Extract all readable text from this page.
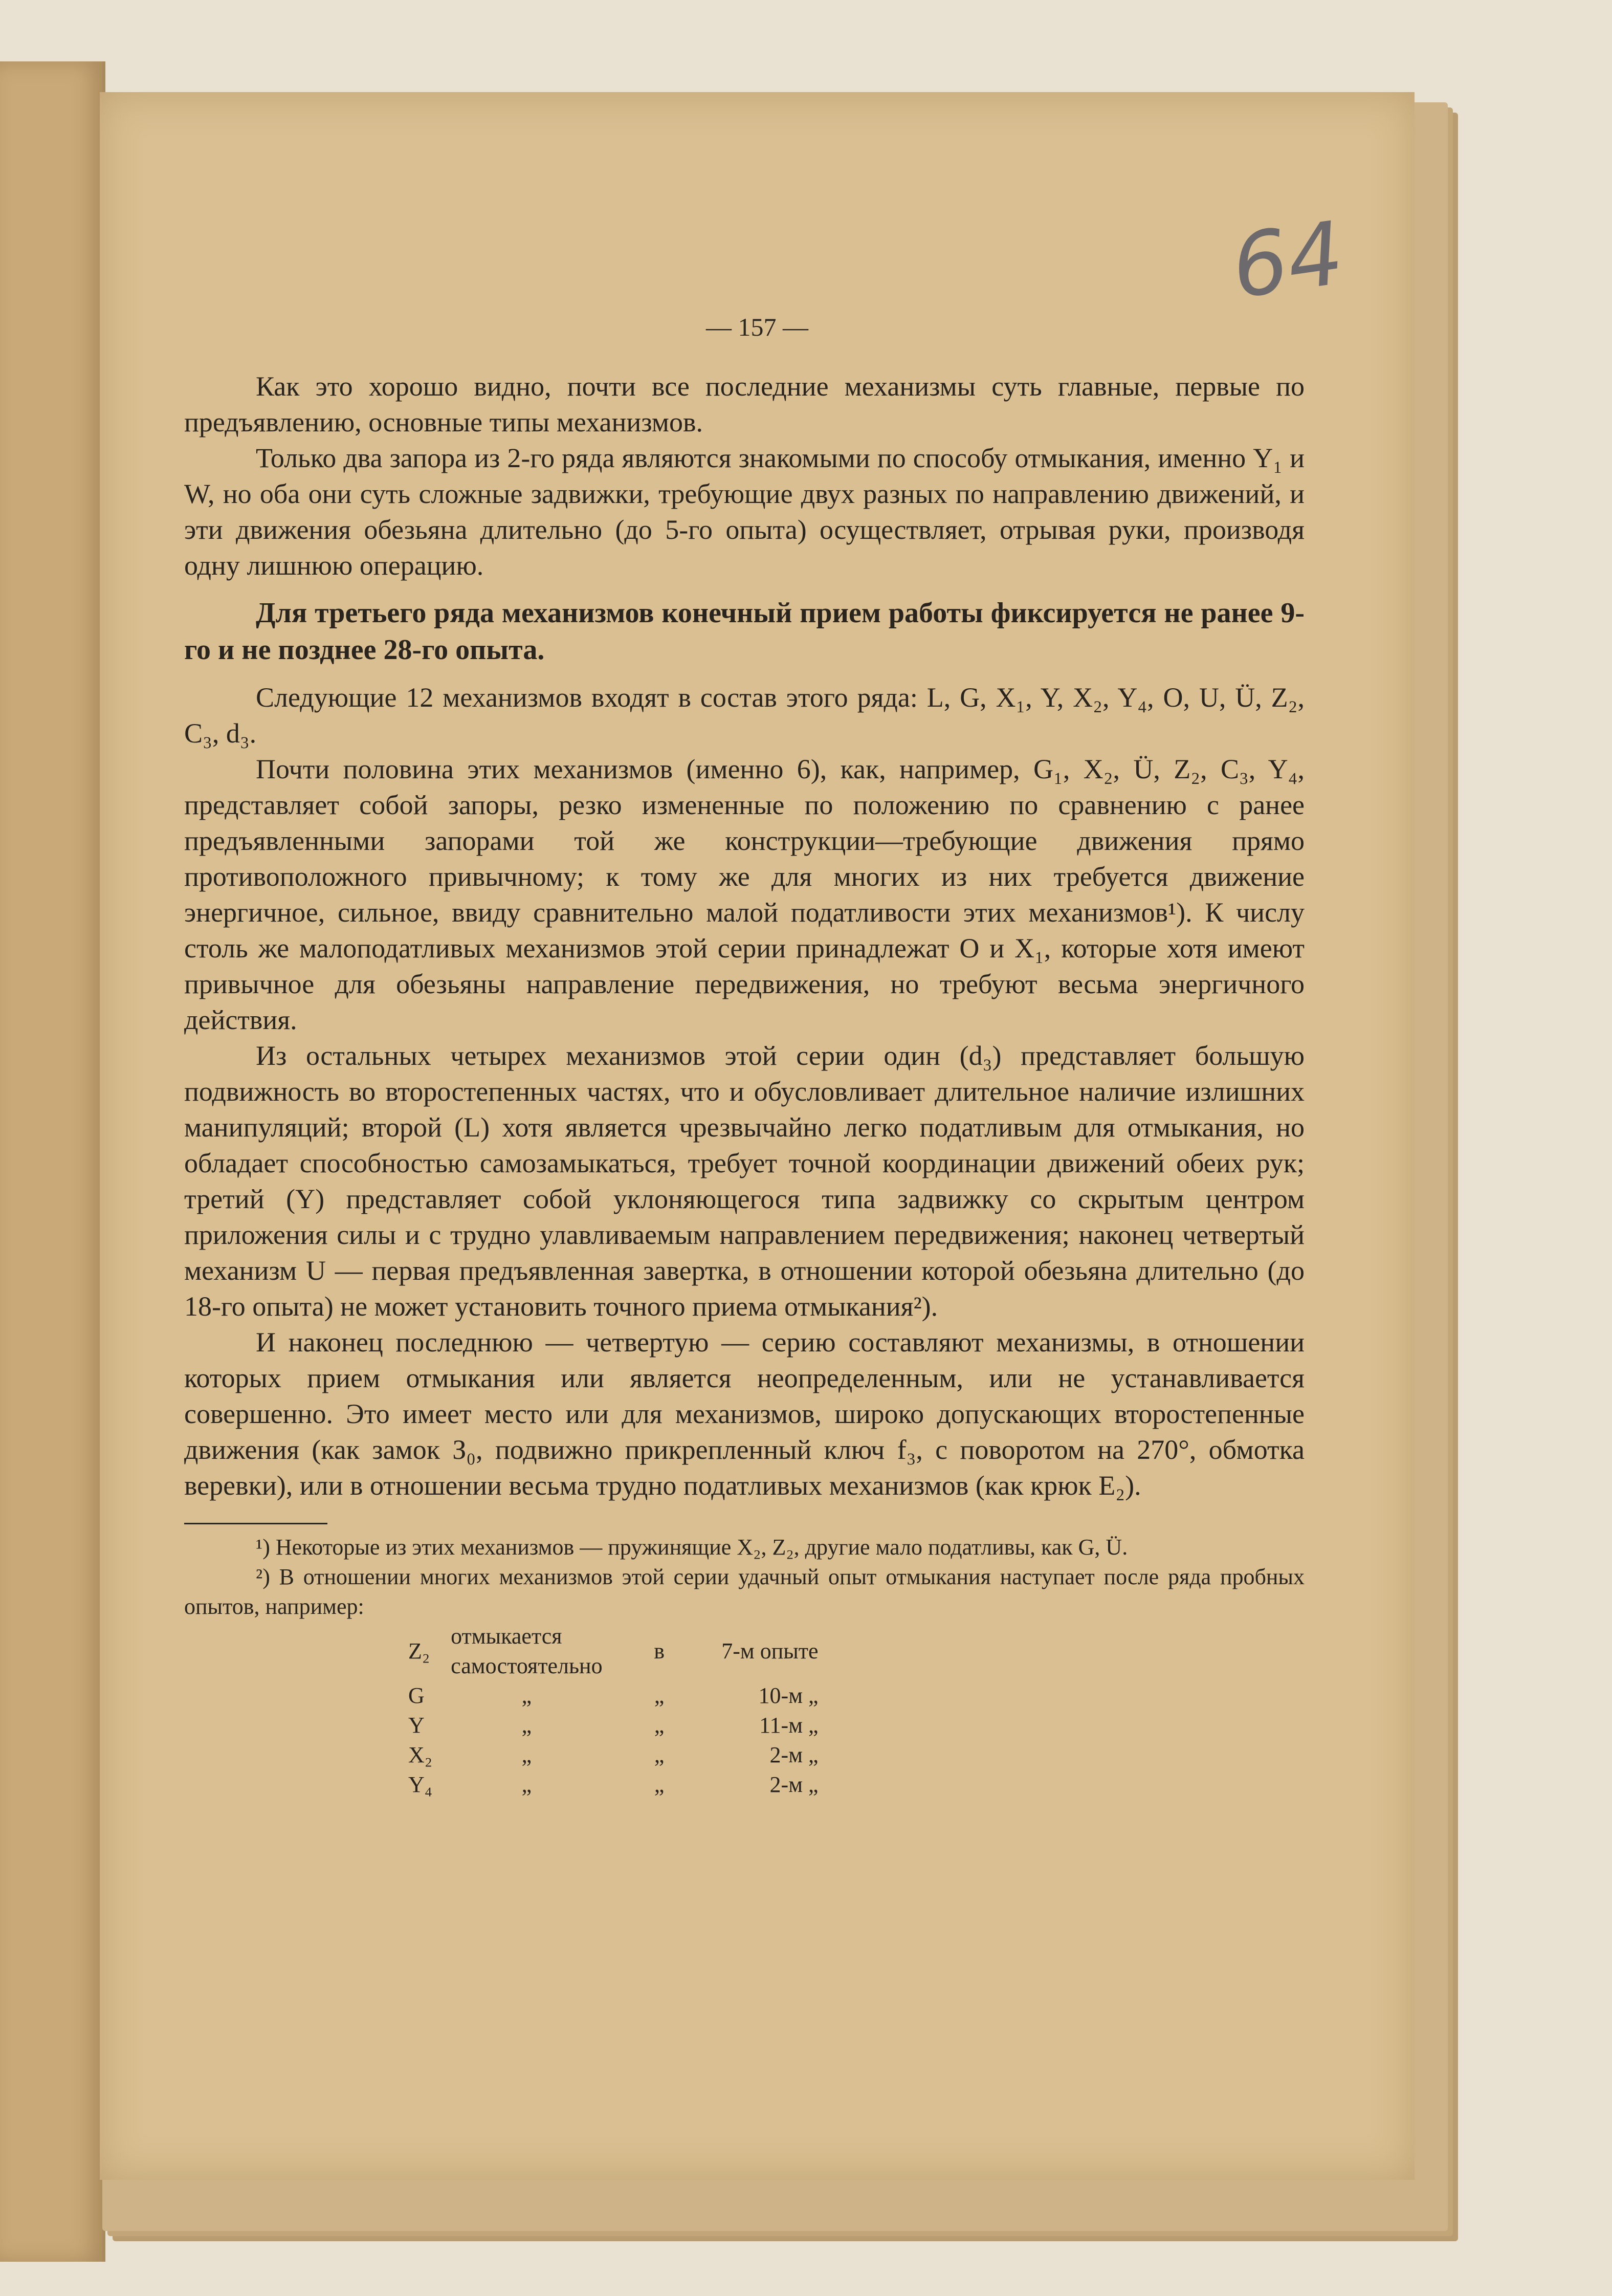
64
— 157 —

Как это хорошо видно, почти все последние механизмы суть главные, первые по предъявлению, основные типы механизмов.

Только два запора из 2-го ряда являются знакомыми по способу отмыкания, именно Y₁ и W, но оба они суть сложные задвижки, требующие двух разных по направлению движений, и эти движения обезьяна длительно (до 5-го опыта) осуществляет, отрывая руки, производя одну лишнюю операцию.

Для третьего ряда механизмов конечный прием работы фиксируется не ранее 9-го и не позднее 28-го опыта.

Следующие 12 механизмов входят в состав этого ряда: L, G, X₁, Y, X₂, Y₄, O, U, Ü, Z₂, C₃, d₃.

Почти половина этих механизмов (именно 6), как, например, G₁, X₂, Ü, Z₂, C₃, Y₄, представляет собой запоры, резко измененные по положению по сравнению с ранее предъявленными запорами той же конструкции—требующие движения прямо противоположного привычному; к тому же для многих из них требуется движение энергичное, сильное, ввиду сравнительно малой податливости этих механизмов¹). К числу столь же малоподатливых механизмов этой серии принадлежат O и X₁, которые хотя имеют привычное для обезьяны направление передвижения, но требуют весьма энергичного действия.

Из остальных четырех механизмов этой серии один (d₃) представляет большую подвижность во второстепенных частях, что и обусловливает длительное наличие излишних манипуляций; второй (L) хотя является чрезвычайно легко податливым для отмыкания, но обладает способностью самозамыкаться, требует точной координации движений обеих рук; третий (Y) представляет собой уклоняющегося типа задвижку со скрытым центром приложения силы и с трудно улавливаемым направлением передвижения; наконец четвертый механизм U — первая предъявленная завертка, в отношении которой обезьяна длительно (до 18-го опыта) не может установить точного приема отмыкания²).

И наконец последнюю — четвертую — серию составляют механизмы, в отношении которых прием отмыкания или является неопределенным, или не устанавливается совершенно. Это имеет место или для механизмов, широко допускающих второстепенные движения (как замок З₀, подвижно прикрепленный ключ f₃, с поворотом на 270°, обмотка веревки), или в отношении весьма трудно податливых механизмов (как крюк E₂).

¹) Некоторые из этих механизмов — пружинящие X₂, Z₂, другие мало податливы, как G, Ü.

²) В отношении многих механизмов этой серии удачный опыт отмыкания наступает после ряда пробных опытов, например:

Z₂	отмыкается самостоятельно	в	7-м опыте
G	„	„	10-м „
Y	„	„	11-м „
X₂	„	„	2-м „
Y₄	„	„	2-м „
